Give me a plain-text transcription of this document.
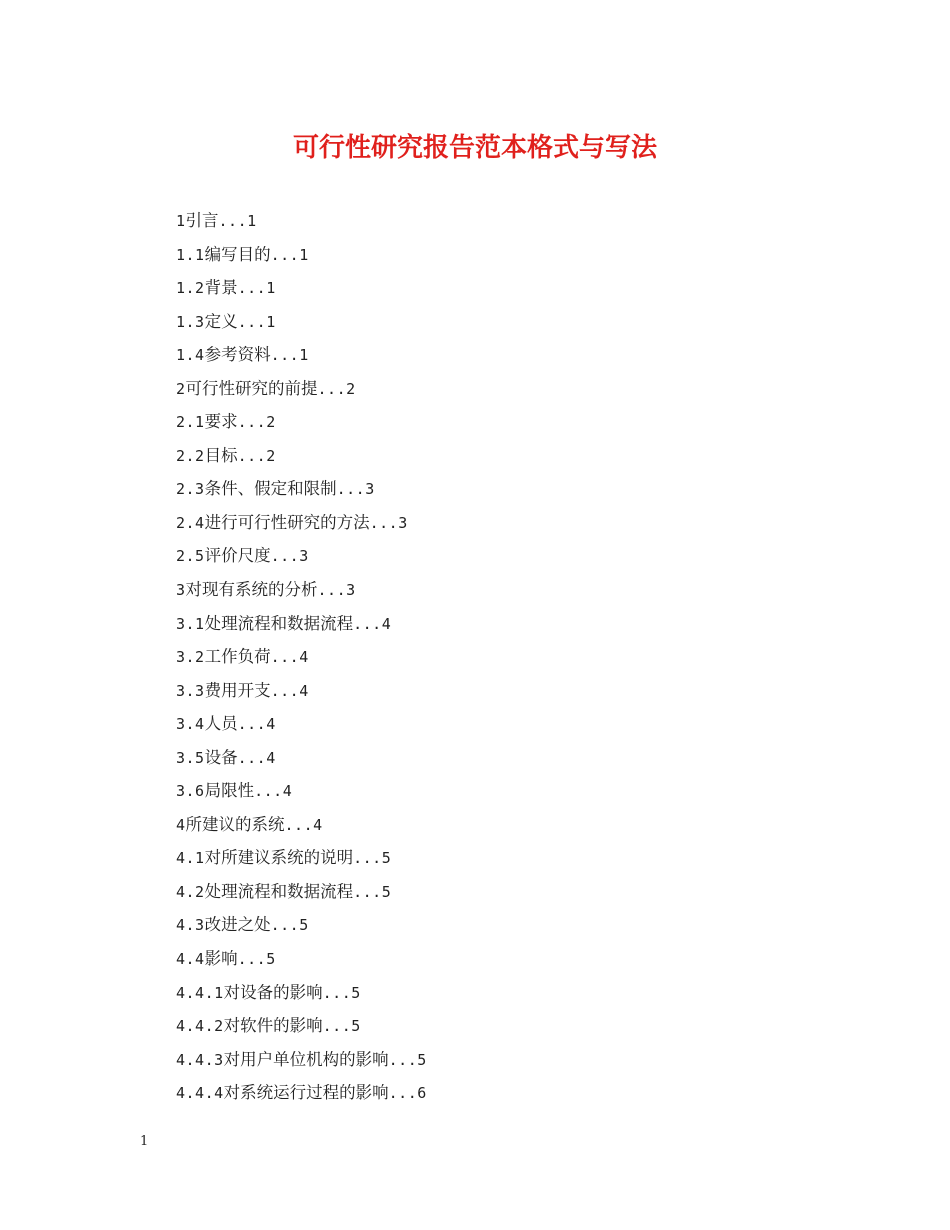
可行性研究报告范本格式与写法
1引言...1
1.1编写目的...1
1.2背景...1
1.3定义...1
1.4参考资料...1
2可行性研究的前提...2
2.1要求...2
2.2目标...2
2.3条件、假定和限制...3
2.4进行可行性研究的方法...3
2.5评价尺度...3
3对现有系统的分析...3
3.1处理流程和数据流程...4
3.2工作负荷...4
3.3费用开支...4
3.4人员...4
3.5设备...4
3.6局限性...4
4所建议的系统...4
4.1对所建议系统的说明...5
4.2处理流程和数据流程...5
4.3改进之处...5
4.4影响...5
4.4.1对设备的影响...5
4.4.2对软件的影响...5
4.4.3对用户单位机构的影响...5
4.4.4对系统运行过程的影响...6
1
